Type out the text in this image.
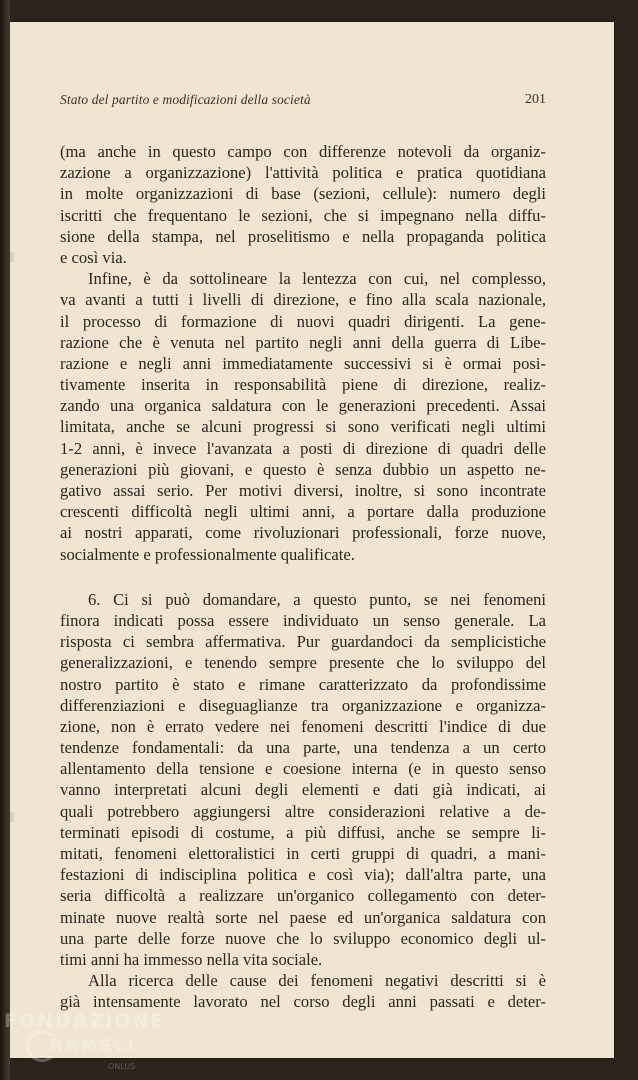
Stato del partito e modificazioni della società	201
(ma anche in questo campo con differenze notevoli da organiz-
zazione a organizzazione) l'attività politica e pratica quotidiana
in molte organizzazioni di base (sezioni, cellule): numero degli
iscritti che frequentano le sezioni, che si impegnano nella diffu-
sione della stampa, nel proselitismo e nella propaganda politica
e così via.
Infine, è da sottolineare la lentezza con cui, nel complesso,
va avanti a tutti i livelli di direzione, e fino alla scala nazionale,
il processo di formazione di nuovi quadri dirigenti. La gene-
razione che è venuta nel partito negli anni della guerra di Libe-
razione e negli anni immediatamente successivi si è ormai posi-
tivamente inserita in responsabilità piene di direzione, realiz-
zando una organica saldatura con le generazioni precedenti. Assai
limitata, anche se alcuni progressi si sono verificati negli ultimi
1-2 anni, è invece l'avanzata a posti di direzione di quadri delle
generazioni più giovani, e questo è senza dubbio un aspetto ne-
gativo assai serio. Per motivi diversi, inoltre, si sono incontrate
crescenti difficoltà negli ultimi anni, a portare dalla produzione
ai nostri apparati, come rivoluzionari professionali, forze nuove,
socialmente e professionalmente qualificate.
6. Ci si può domandare, a questo punto, se nei fenomeni
finora indicati possa essere individuato un senso generale. La
risposta ci sembra affermativa. Pur guardandoci da semplicistiche
generalizzazioni, e tenendo sempre presente che lo sviluppo del
nostro partito è stato e rimane caratterizzato da profondissime
differenziazioni e diseguaglianze tra organizzazione e organizza-
zione, non è errato vedere nei fenomeni descritti l'indice di due
tendenze fondamentali: da una parte, una tendenza a un certo
allentamento della tensione e coesione interna (e in questo senso
vanno interpretati alcuni degli elementi e dati già indicati, ai
quali potrebbero aggiungersi altre considerazioni relative a de-
terminati episodi di costume, a più diffusi, anche se sempre li-
mitati, fenomeni elettoralistici in certi gruppi di quadri, a mani-
festazioni di indisciplina politica e così via); dall'altra parte, una
seria difficoltà a realizzare un'organico collegamento con deter-
minate nuove realtà sorte nel paese ed un'organica saldatura con
una parte delle forze nuove che lo sviluppo economico degli ul-
timi anni ha immesso nella vita sociale.
Alla ricerca delle cause dei fenomeni negativi descritti si è
già intensamente lavorato nel corso degli anni passati e deter-
FONDAZIONE
RAMSCI
ONLUS
